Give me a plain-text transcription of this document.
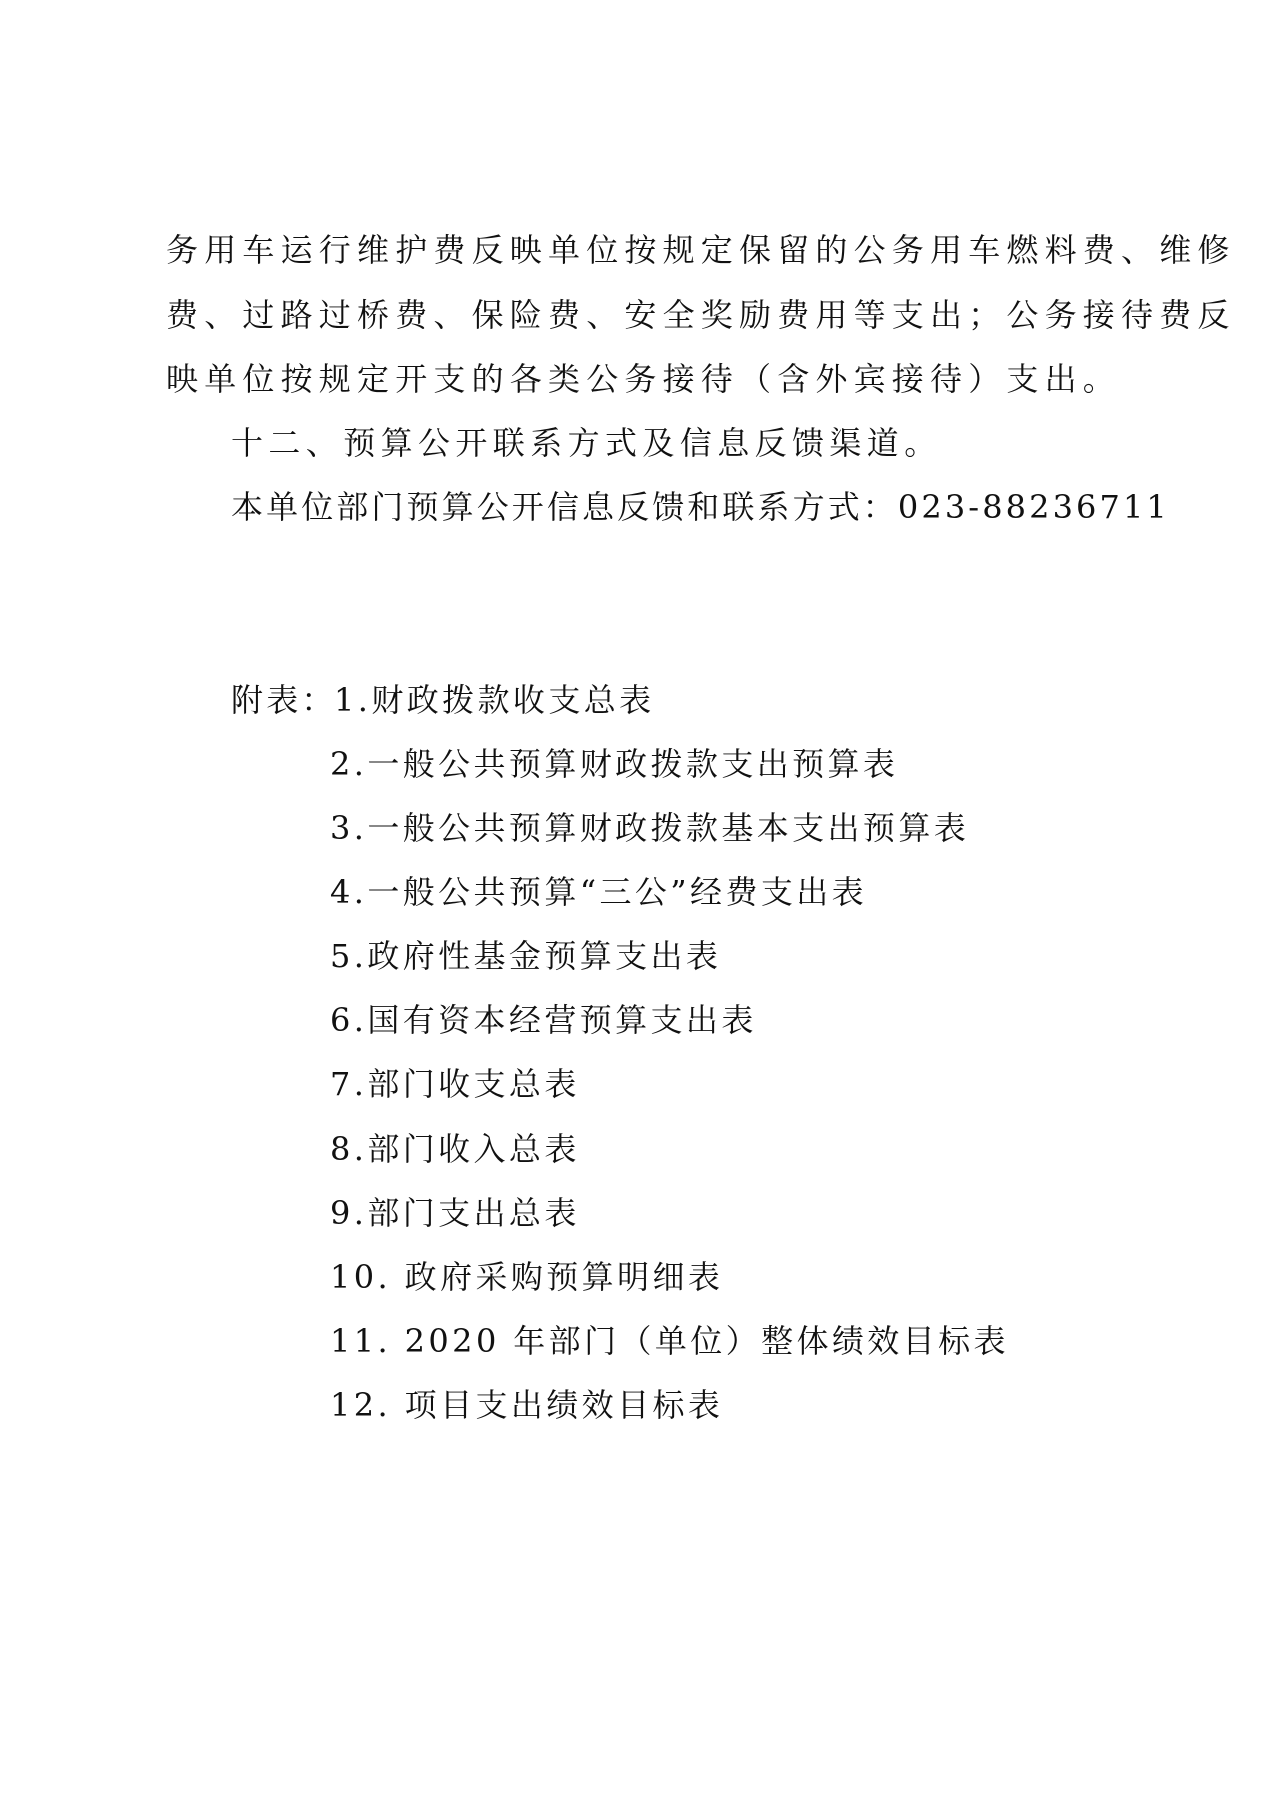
务用车运行维护费反映单位按规定保留的公务用车燃料费、维修
费、过路过桥费、保险费、安全奖励费用等支出；公务接待费反
映单位按规定开支的各类公务接待（含外宾接待）支出。
十二、预算公开联系方式及信息反馈渠道。
本单位部门预算公开信息反馈和联系方式：023-88236711
附表：
1.财政拨款收支总表
2.一般公共预算财政拨款支出预算表
3.一般公共预算财政拨款基本支出预算表
4.一般公共预算“三公”经费支出表
5.政府性基金预算支出表
6.国有资本经营预算支出表
7.部门收支总表
8.部门收入总表
9.部门支出总表
10. 政府采购预算明细表
11. 2020 年部门（单位）整体绩效目标表
12. 项目支出绩效目标表
